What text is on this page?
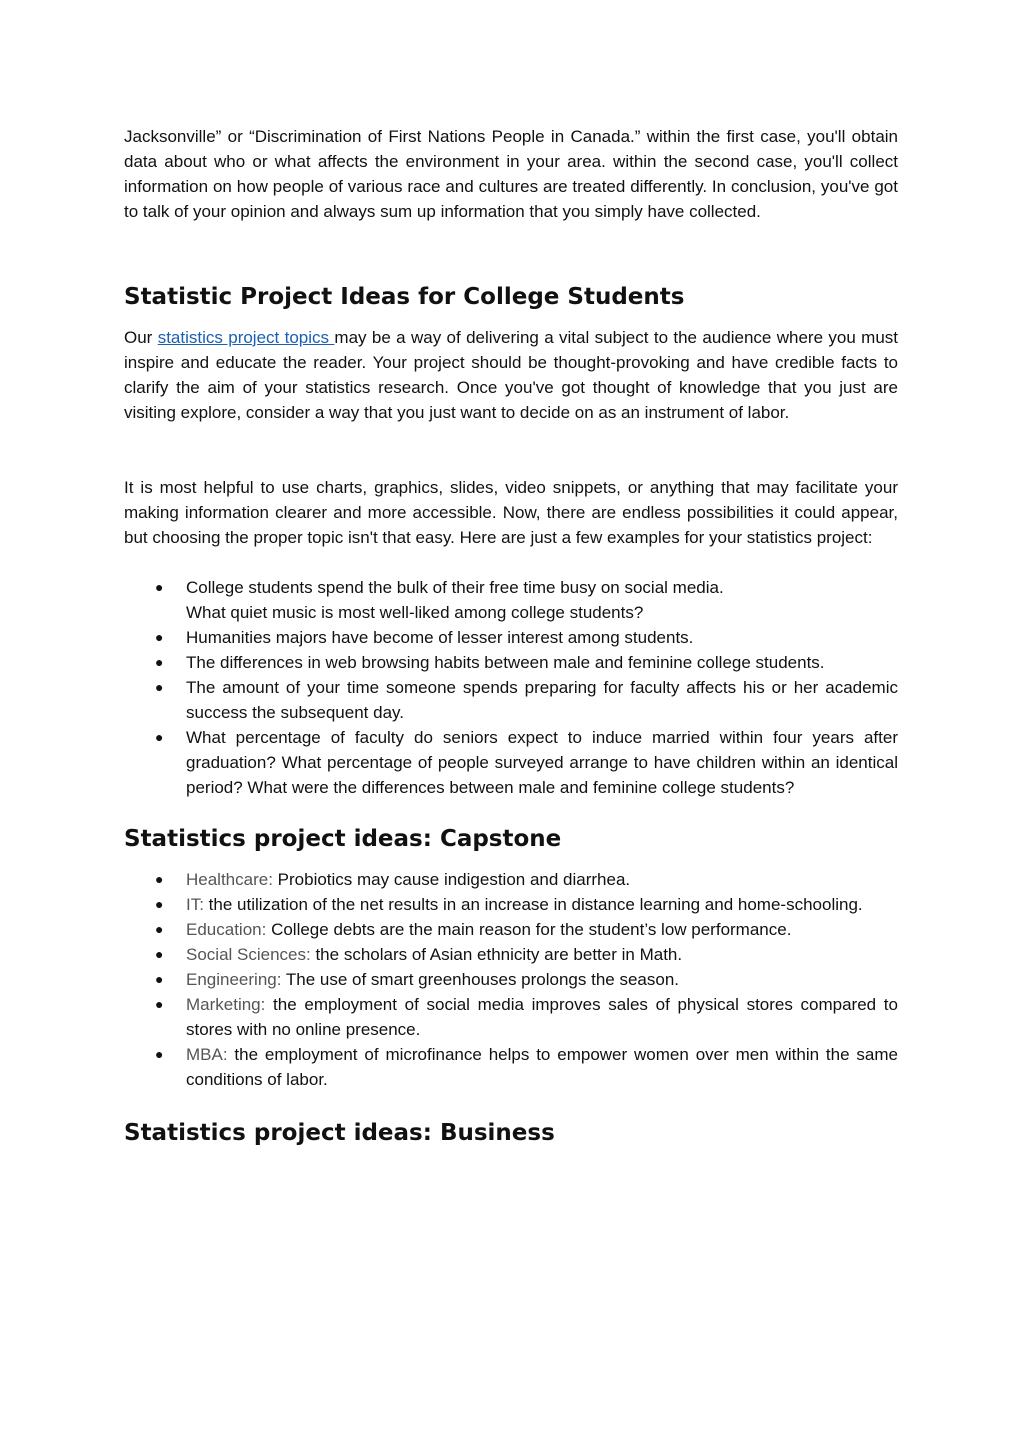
Jacksonville” or “Discrimination of First Nations People in Canada.” within the first case, you'll obtain data about who or what affects the environment in your area. within the second case, you'll collect information on how people of various race and cultures are treated differently. In conclusion, you've got to talk of your opinion and always sum up information that you simply have collected.

Statistic Project Ideas for College Students

Our statistics project topics may be a way of delivering a vital subject to the audience where you must inspire and educate the reader. Your project should be thought-provoking and have credible facts to clarify the aim of your statistics research. Once you've got thought of knowledge that you just are visiting explore, consider a way that you just want to decide on as an instrument of labor.

It is most helpful to use charts, graphics, slides, video snippets, or anything that may facilitate your making information clearer and more accessible. Now, there are endless possibilities it could appear, but choosing the proper topic isn't that easy. Here are just a few examples for your statistics project:

● College students spend the bulk of their free time busy on social media.
What quiet music is most well-liked among college students?
● Humanities majors have become of lesser interest among students.
● The differences in web browsing habits between male and feminine college students.
● The amount of your time someone spends preparing for faculty affects his or her academic success the subsequent day.
● What percentage of faculty do seniors expect to induce married within four years after graduation? What percentage of people surveyed arrange to have children within an identical period? What were the differences between male and feminine college students?
Statistics project ideas: Capstone
● Healthcare: Probiotics may cause indigestion and diarrhea.
● IT: the utilization of the net results in an increase in distance learning and home-schooling.
● Education: College debts are the main reason for the student’s low performance.
● Social Sciences: the scholars of Asian ethnicity are better in Math.
● Engineering: The use of smart greenhouses prolongs the season.
● Marketing: the employment of social media improves sales of physical stores compared to stores with no online presence.
● MBA: the employment of microfinance helps to empower women over men within the same conditions of labor.
Statistics project ideas: Business
